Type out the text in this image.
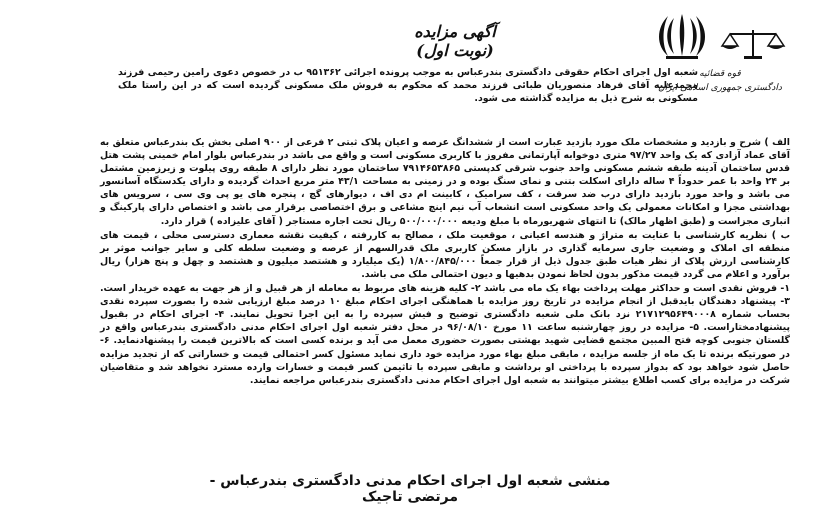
آگهی مزایده (نوبت اول)

قوه قضائیه
دادگستری جمهوری اسلامی ایران

شعبه اول اجرای احکام حقوقی دادگستری بندرعباس به موجب پرونده اجرائی ۹۵۱۳۶۲ ب در خصوص دعوی رامین رحیمی فرزند محمدعلیه آقای فرهاد منصوریان طبائی فرزند محمد که محکوم به فروش ملک مسکونی گردیده است که در این راستا ملک مسکونی به شرح ذیل به مزایده گذاشته می شود.

الف ) شرح و بازدید و مشخصات ملک مورد بازدید عبارت است از ششدانگ عرصه و اعیان پلاک ثبتی ۲ فرعی از ۹۰۰ اصلی بخش یک بندرعباس متعلق به آقای عماد آزادی که یک واحد ۹۷/۲۷ متری دوخوابه آپارتمانی مفروز با کاربری مسکونی است و واقع می باشد در بندرعباس بلوار امام خمینی پشت هتل قدس ساختمان آدینه طبقه ششم مسکونی واحد جنوب شرقی کدپستی ۷۹۱۴۶۵۳۸۶۵ ساختمان مورد نظر دارای ۸ طبقه روی پیلوت و زیرزمین مشتمل بر ۲۴ واحد با عمر حدوداً ۴ ساله دارای اسکلت بتنی و نمای سنگ بوده و در زمینی به مساحت ۴۳/۱ متر مربع احداث گردیده و دارای یکدستگاه آسانسور می باشد و واحد مورد بازدید دارای درب ضد سرقت ، کف سرامیک ، کابینت ام دی اف ، دیوارهای گچ ، پنجره های یو پی وی سی ، سرویس های بهداشتی مجزا و امکانات معمولی یک واحد مسکونی است انشعاب آب نیم اینچ مشاعی و برق اختصاصی برقرار می باشد و اختصاص دارای پارکینگ و انباری مجزاست و (طبق اظهار مالک) تا انتهای شهریورماه با مبلغ ودیعه ۵۰۰/۰۰۰/۰۰۰ ریال تحت اجاره مستاجر ( آقای علیزاده ) قرار دارد.

ب ) نظریه کارشناسی با عنایت به متراژ و هندسه اعیانی ، موقعیت ملک ، مصالح به کاررفته ، کیفیت نقشه معماری دسترسی محلی ، قیمت های منطقه ای املاک و وضعیت جاری سرمایه گذاری در بازار مسکن کاربری ملک قدرالسهم از عرصه و وضعیت سلطه کلی و سایر جوانب موثر بر کارشناسی ارزش پلاک از نظر هیات طبق جدول ذیل از قرار جمعاً ۱/۸۰۰/۸۴۵/۰۰۰ (یک میلیارد و هشتصد میلیون و هشتصد و چهل و پنج هزار) ریال برآورد و اعلام می گردد قیمت مذکور بدون لحاظ نمودن بدهیها و دیون احتمالی ملک می باشد.

۱- فروش نقدی است و حداکثر مهلت پرداخت بهاء یک ماه می باشد ۲- کلیه هزینه های مربوط به معامله از هر قبیل و از هر جهت به عهده خریدار است. ۳- پیشنهاد دهندگان بایدقبل از انجام مزایده در تاریخ روز مزایده با هماهنگی اجرای احکام مبلغ ۱۰ درصد مبلغ ارزیابی شده را بصورت سپرده نقدی بحساب شماره ۲۱۷۱۲۹۵۶۴۹۰۰۰۸ نزد بانک ملی شعبه دادگستری توضیح و فیش سپرده را به این اجرا تحویل نمایند. ۴- اجرای احکام در بقبول پیشنهادمختاراست. ۵- مزایده در روز چهارشنبه ساعت ۱۱ مورخ ۹۶/۰۸/۱۰ در محل دفتر شعبه اول اجرای احکام مدنی دادگستری بندرعباس واقع در گلستان جنوبی کوچه فتح المبین مجتمع قضایی شهید بهشتی بصورت حضوری معمل می آید و برنده کسی است که بالاترین قیمت را پیشنهادنماید. ۶- در صورتیکه برنده تا یک ماه از جلسه مزایده ، مابقی مبلغ بهاء مورد مزایده خود داری نماید مسئول کسر احتمالی قیمت و خساراتی که از تجدید مزایده حاصل شود خواهد بود که بدواز سپرده با پرداختی او برداشت و مابقی سپرده با تاثیمن کسر قیمت و خسارات وارده مسترد نخواهد شد و متقاضیان شرکت در مزایده برای کسب اطلاع بیشتر میتوانند به شعبه اول اجرای احکام مدنی دادگستری بندرعباس مراجعه نمایند.

منشی شعبه اول اجرای احکام مدنی دادگستری بندرعباس - مرتضی تاجیک
